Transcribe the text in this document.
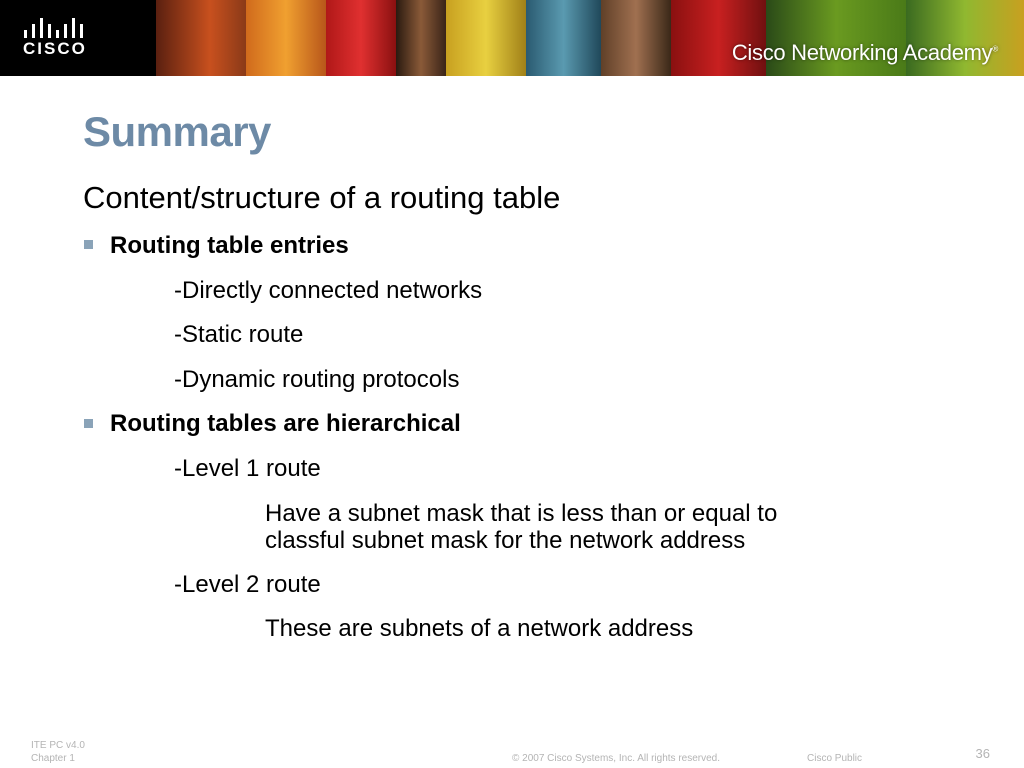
CISCO	Cisco Networking Academy®
Summary
Content/structure of a routing table
Routing table entries
-Directly connected networks
-Static route
-Dynamic routing protocols
Routing tables are hierarchical
-Level 1 route
Have a subnet mask that is less than or equal to
classful subnet mask for the network address
-Level 2 route
These are subnets of a network address
ITE PC v4.0
Chapter 1	© 2007 Cisco Systems, Inc. All rights reserved.	Cisco Public	36
